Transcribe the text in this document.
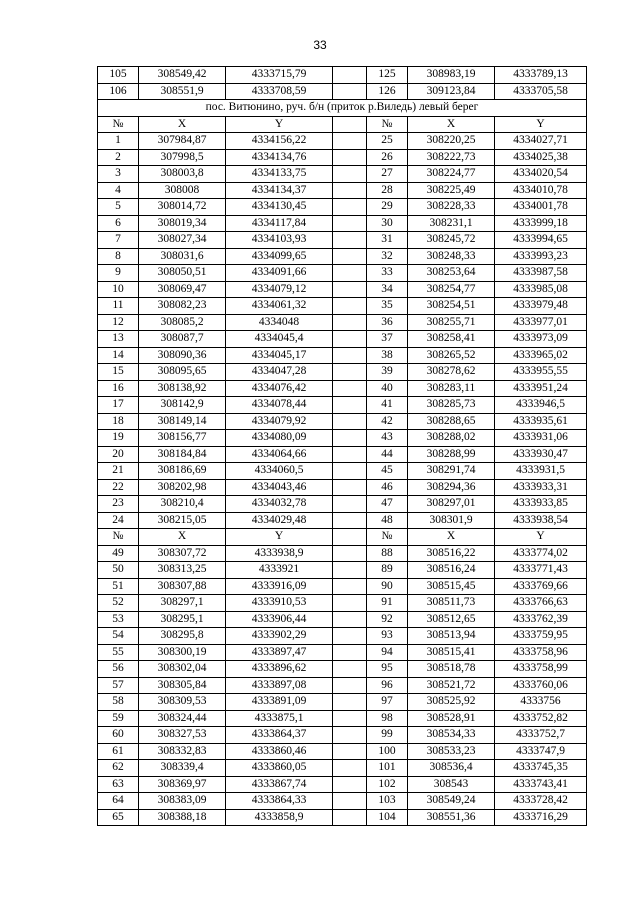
33
105	308549,42	4333715,79		125	308983,19	4333789,13
106	308551,9	4333708,59		126	309123,84	4333705,58
пос. Витюнино, руч. б/н (приток р.Виледь) левый берег						
№	X	Y		№	X	Y
1	307984,87	4334156,22		25	308220,25	4334027,71
2	307998,5	4334134,76		26	308222,73	4334025,38
3	308003,8	4334133,75		27	308224,77	4334020,54
4	308008	4334134,37		28	308225,49	4334010,78
5	308014,72	4334130,45		29	308228,33	4334001,78
6	308019,34	4334117,84		30	308231,1	4333999,18
7	308027,34	4334103,93		31	308245,72	4333994,65
8	308031,6	4334099,65		32	308248,33	4333993,23
9	308050,51	4334091,66		33	308253,64	4333987,58
10	308069,47	4334079,12		34	308254,77	4333985,08
11	308082,23	4334061,32		35	308254,51	4333979,48
12	308085,2	4334048		36	308255,71	4333977,01
13	308087,7	4334045,4		37	308258,41	4333973,09
14	308090,36	4334045,17		38	308265,52	4333965,02
15	308095,65	4334047,28		39	308278,62	4333955,55
16	308138,92	4334076,42		40	308283,11	4333951,24
17	308142,9	4334078,44		41	308285,73	4333946,5
18	308149,14	4334079,92		42	308288,65	4333935,61
19	308156,77	4334080,09		43	308288,02	4333931,06
20	308184,84	4334064,66		44	308288,99	4333930,47
21	308186,69	4334060,5		45	308291,74	4333931,5
22	308202,98	4334043,46		46	308294,36	4333933,31
23	308210,4	4334032,78		47	308297,01	4333933,85
24	308215,05	4334029,48		48	308301,9	4333938,54
№	X	Y		№	X	Y
49	308307,72	4333938,9		88	308516,22	4333774,02
50	308313,25	4333921		89	308516,24	4333771,43
51	308307,88	4333916,09		90	308515,45	4333769,66
52	308297,1	4333910,53		91	308511,73	4333766,63
53	308295,1	4333906,44		92	308512,65	4333762,39
54	308295,8	4333902,29		93	308513,94	4333759,95
55	308300,19	4333897,47		94	308515,41	4333758,96
56	308302,04	4333896,62		95	308518,78	4333758,99
57	308305,84	4333897,08		96	308521,72	4333760,06
58	308309,53	4333891,09		97	308525,92	4333756
59	308324,44	4333875,1		98	308528,91	4333752,82
60	308327,53	4333864,37		99	308534,33	4333752,7
61	308332,83	4333860,46		100	308533,23	4333747,9
62	308339,4	4333860,05		101	308536,4	4333745,35
63	308369,97	4333867,74		102	308543	4333743,41
64	308383,09	4333864,33		103	308549,24	4333728,42
65	308388,18	4333858,9		104	308551,36	4333716,29
